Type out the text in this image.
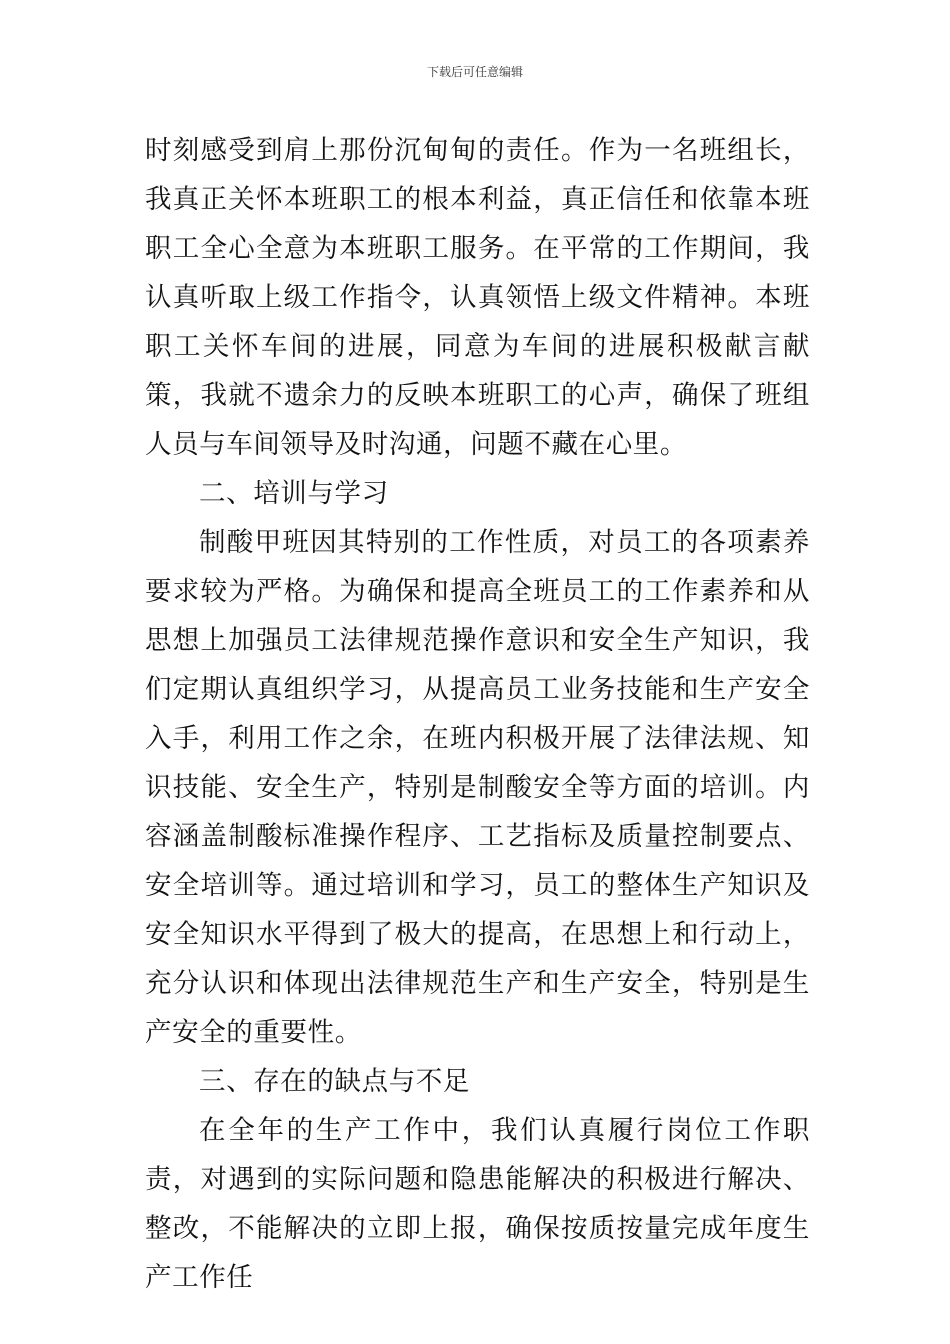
下载后可任意编辑

时刻感受到肩上那份沉甸甸的责任。作为一名班组长，我真正关怀本班职工的根本利益，真正信任和依靠本班职工全心全意为本班职工服务。在平常的工作期间，我认真听取上级工作指令，认真领悟上级文件精神。本班职工关怀车间的进展，同意为车间的进展积极献言献策，我就不遗余力的反映本班职工的心声，确保了班组人员与车间领导及时沟通，问题不藏在心里。

二、培训与学习

制酸甲班因其特别的工作性质，对员工的各项素养要求较为严格。为确保和提高全班员工的工作素养和从思想上加强员工法律规范操作意识和安全生产知识，我们定期认真组织学习，从提高员工业务技能和生产安全入手，利用工作之余，在班内积极开展了法律法规、知识技能、安全生产，特别是制酸安全等方面的培训。内容涵盖制酸标准操作程序、工艺指标及质量控制要点、安全培训等。通过培训和学习，员工的整体生产知识及安全知识水平得到了极大的提高，在思想上和行动上，充分认识和体现出法律规范生产和生产安全，特别是生产安全的重要性。

三、存在的缺点与不足

在全年的生产工作中，我们认真履行岗位工作职责，对遇到的实际问题和隐患能解决的积极进行解决、整改，不能解决的立即上报，确保按质按量完成年度生产工作任
